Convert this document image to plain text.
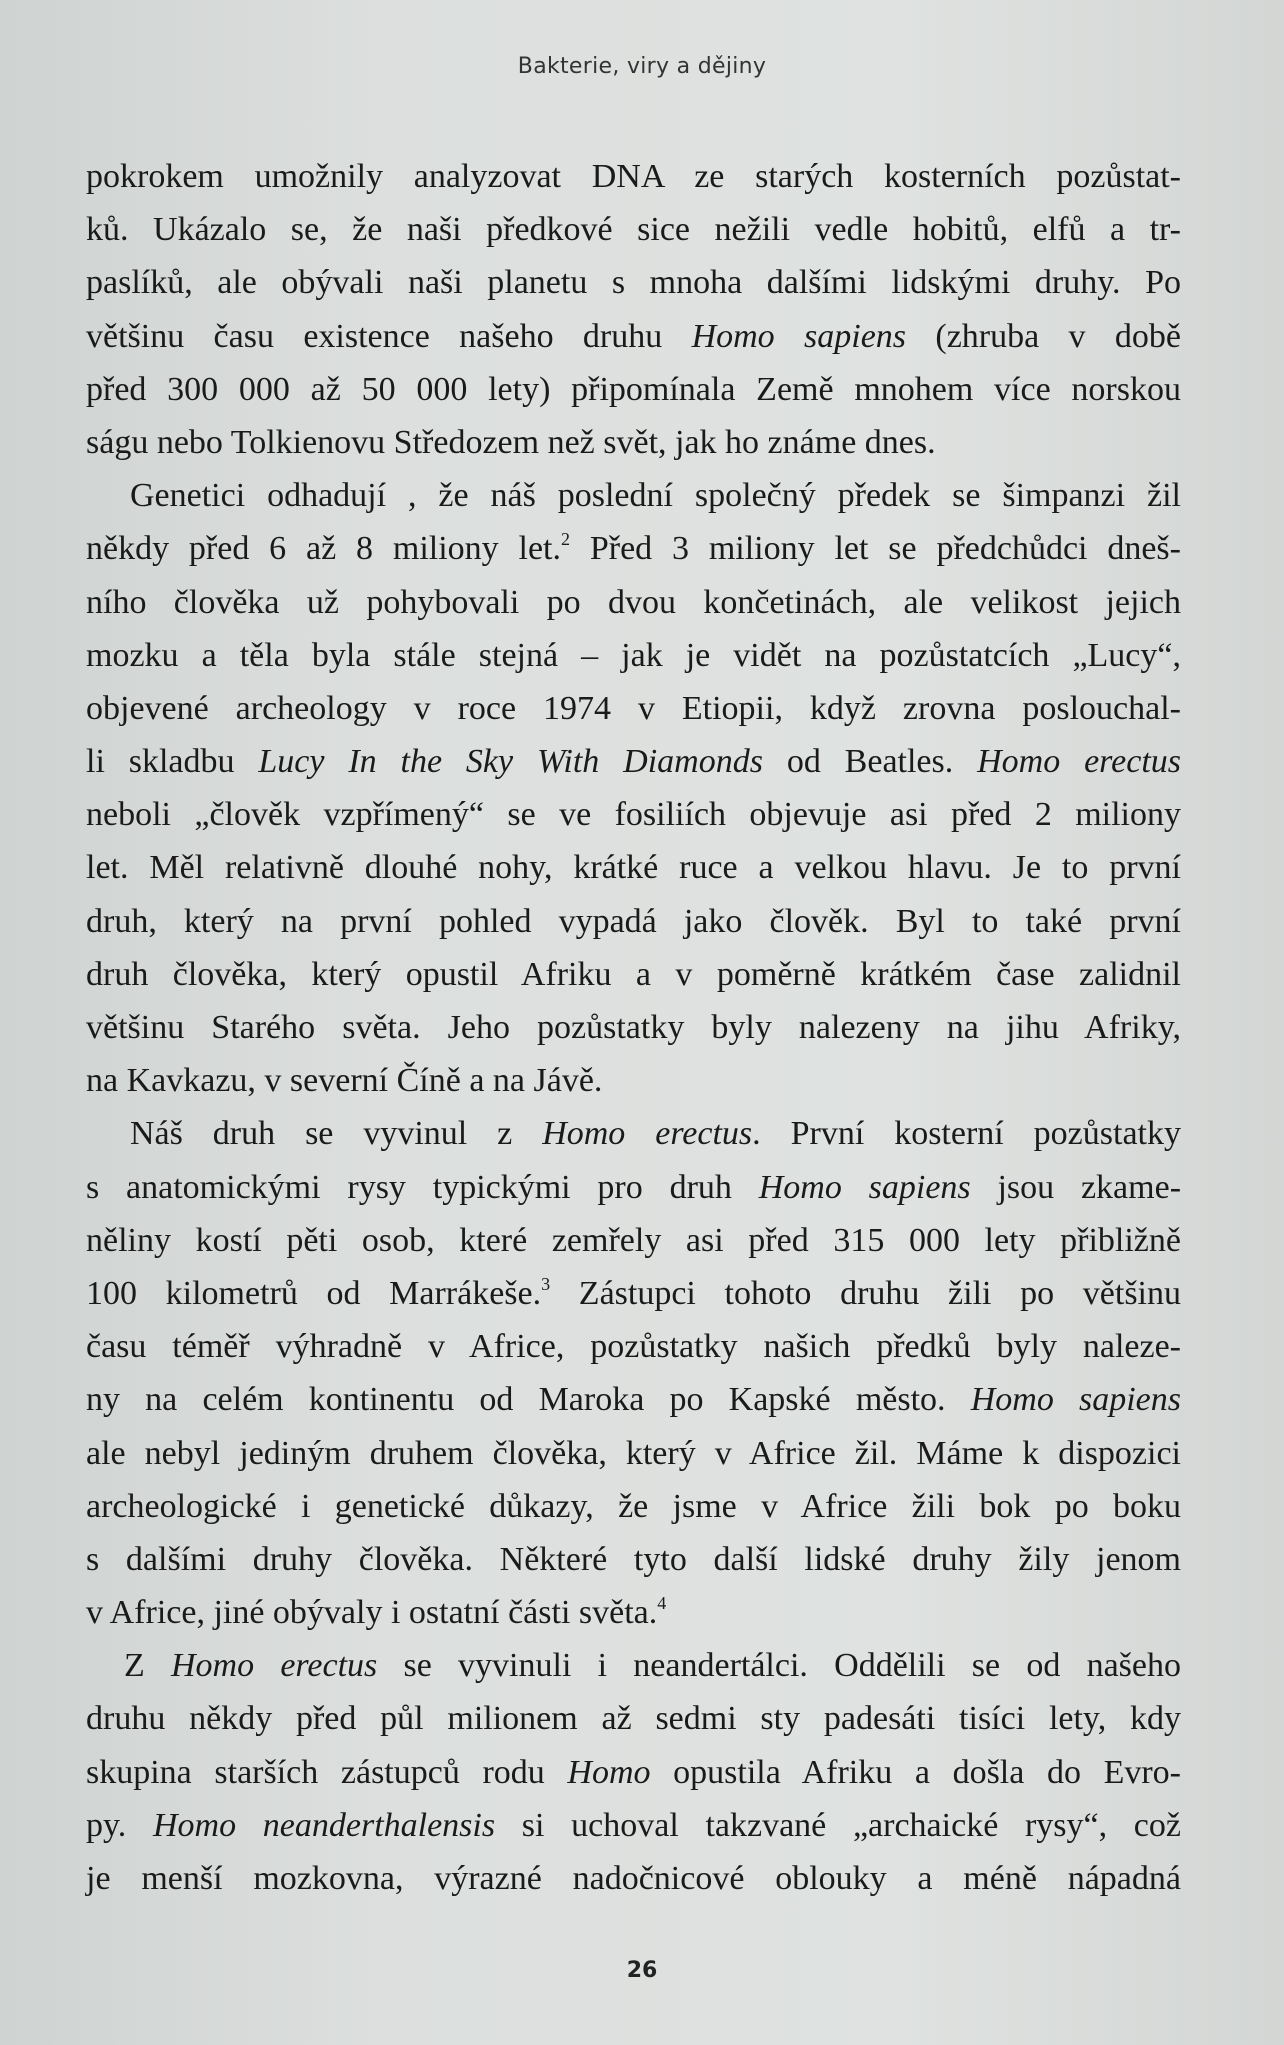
Bakterie, viry a dějiny
pokrokem umožnily analyzovat DNA ze starých kosterních pozůstat-
ků. Ukázalo se, že naši předkové sice nežili vedle hobitů, elfů a tr-
paslíků, ale obývali naši planetu s mnoha dalšími lidskými druhy. Po
většinu času existence našeho druhu Homo sapiens (zhruba v době
před 300 000 až 50 000 lety) připomínala Země mnohem více norskou
ságu nebo Tolkienovu Středozem než svět, jak ho známe dnes.
Genetici odhadují , že náš poslední společný předek se šimpanzi žil
někdy před 6 až 8 miliony let.$^2$ Před 3 miliony let se předchůdci dneš-
ního člověka už pohybovali po dvou končetinách, ale velikost jejich
mozku a těla byla stále stejná – jak je vidět na pozůstatcích „Lucy“,
objevené archeology v roce 1974 v Etiopii, když zrovna poslouchal-
li skladbu Lucy In the Sky With Diamonds od Beatles. Homo erectus
neboli „člověk vzpřímený“ se ve fosiliích objevuje asi před 2 miliony
let. Měl relativně dlouhé nohy, krátké ruce a velkou hlavu. Je to první
druh, který na první pohled vypadá jako člověk. Byl to také první
druh člověka, který opustil Afriku a v poměrně krátkém čase zalidnil
většinu Starého světa. Jeho pozůstatky byly nalezeny na jihu Afriky,
na Kavkazu, v severní Číně a na Jávě.
Náš druh se vyvinul z Homo erectus. První kosterní pozůstatky
s anatomickými rysy typickými pro druh Homo sapiens jsou zkame-
něliny kostí pěti osob, které zemřely asi před 315 000 lety přibližně
100 kilometrů od Marrákeše.$^3$ Zástupci tohoto druhu žili po většinu
času téměř výhradně v Africe, pozůstatky našich předků byly naleze-
ny na celém kontinentu od Maroka po Kapské město. Homo sapiens
ale nebyl jediným druhem člověka, který v Africe žil. Máme k dispozici
archeologické i genetické důkazy, že jsme v Africe žili bok po boku
s dalšími druhy člověka. Některé tyto další lidské druhy žily jenom
v Africe, jiné obývaly i ostatní části světa.$^4$
Z Homo erectus se vyvinuli i neandertálci. Oddělili se od našeho
druhu někdy před půl milionem až sedmi sty padesáti tisíci lety, kdy
skupina starších zástupců rodu Homo opustila Afriku a došla do Evro-
py. Homo neanderthalensis si uchoval takzvané „archaické rysy“, což
je menší mozkovna, výrazné nadočnicové oblouky a méně nápadná
26
